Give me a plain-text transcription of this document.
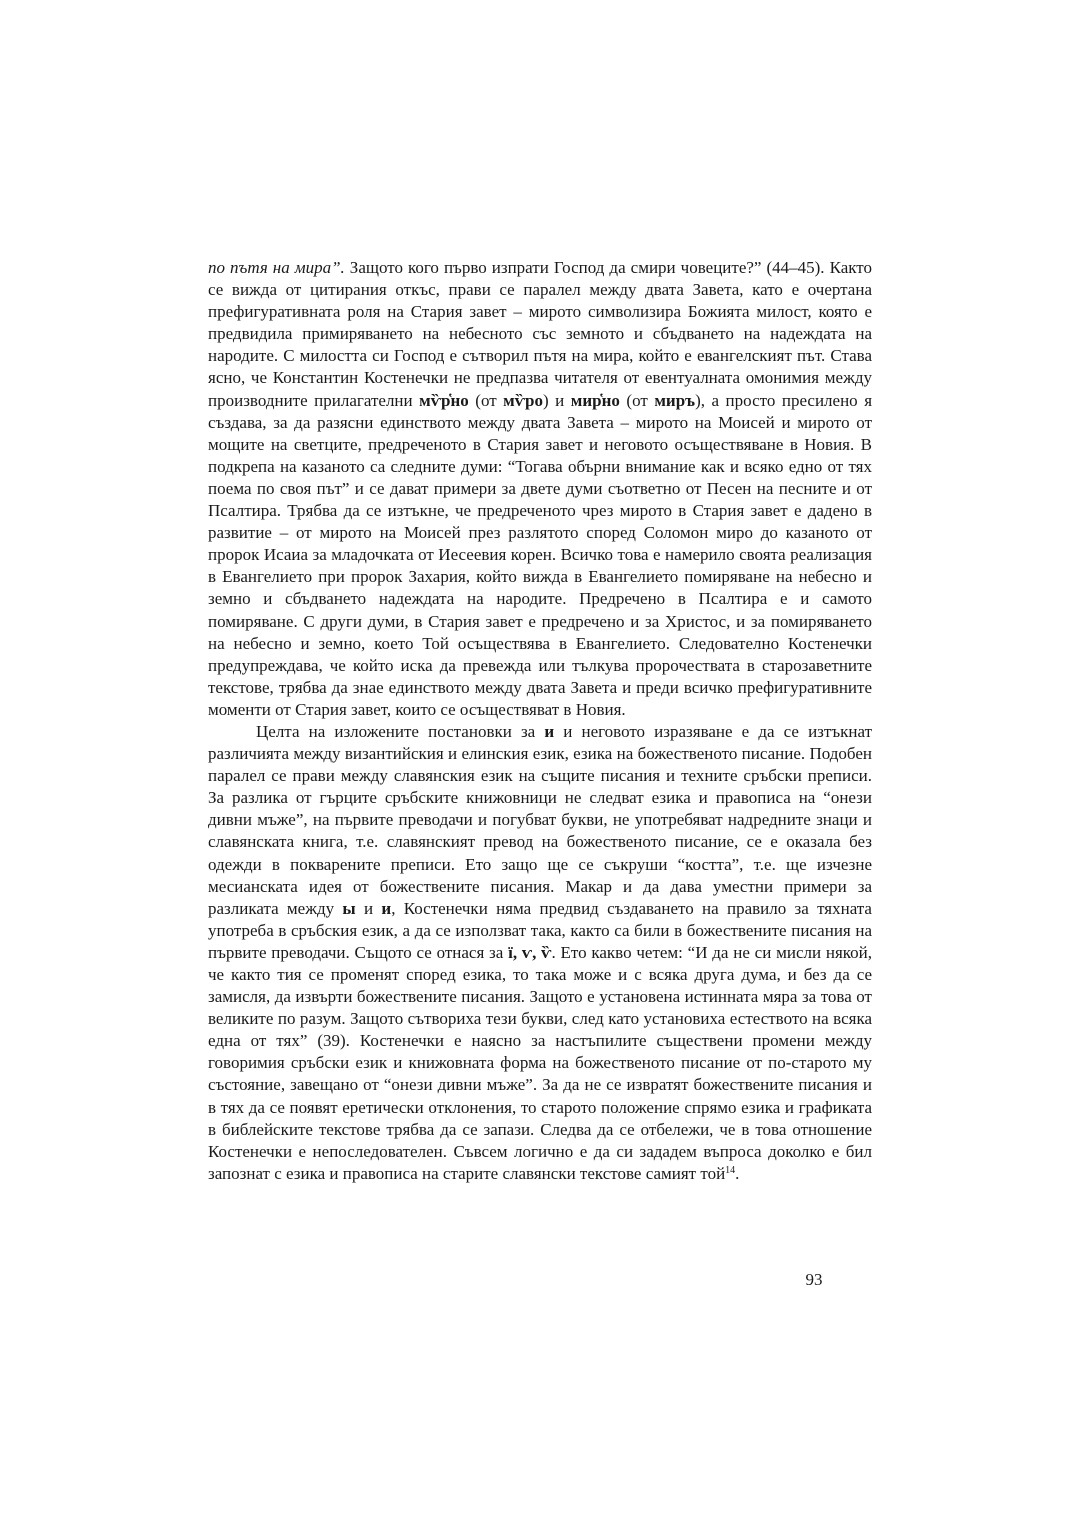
по пътя на мира”. Защото кого първо изпрати Господ да смири човеците?” (44–45). Както се вижда от цитирания откъс, прави се паралел между двата Завета, като е очертана префигуративната роля на Стария завет – мирото символизира Божията милост, която е предвидила примиряването на небесното със земното и сбъдването на надеждата на народите. С милостта си Господ е сътворил пътя на мира, който е евангелският път. Става ясно, че Константин Костенечки не предпазва читателя от евентуалната омонимия между производните прилагателни мѷр҅но (от мѷро) и мир҅но (от миръ), а просто пресилено я създава, за да разясни единството между двата Завета – мирото на Моисей и мирото от мощите на светците, предреченото в Стария завет и неговото осъществяване в Новия. В подкрепа на казаното са следните думи: “Тогава обърни внимание как и всяко едно от тях поема по своя път” и се дават примери за двете думи съответно от Песен на песните и от Псалтира. Трябва да се изтъкне, че предреченото чрез мирото в Стария завет е дадено в развитие – от мирото на Моисей през разлятото според Соломон миро до казаното от пророк Исаиа за младочката от Иесеевия корен. Всичко това е намерило своята реализация в Евангелието при пророк Захария, който вижда в Евангелието помиряване на небесно и земно и сбъдването надеждата на народите. Предречено в Псалтира е и самото помиряване. С други думи, в Стария завет е предречено и за Христос, и за помиряването на небесно и земно, което Той осъществява в Евангелието. Следователно Костенечки предупреждава, че който иска да превежда или тълкува пророчествата в старозаветните текстове, трябва да знае единството между двата Завета и преди всичко префигуративните моменти от Стария завет, които се осъществяват в Новия.

Целта на изложените постановки за и и неговото изразяване е да се изтъкнат различията между византийския и елинския език, езика на божественото писание. Подобен паралел се прави между славянския език на същите писания и техните сръбски преписи. За разлика от гърците сръбските книжовници не следват езика и правописа на “онези дивни мъже”, на първите преводачи и погубват букви, не употребяват надредните знаци и славянската книга, т.е. славянският превод на божественото писание, се е оказала без одежди в покварените преписи. Ето защо ще се съкруши “костта”, т.е. ще изчезне месианската идея от божествените писания. Макар и да дава уместни примери за разликата между ы и и, Костенечки няма предвид създаването на правило за тяхната употреба в сръбския език, а да се използват така, както са били в божествените писания на първите преводачи. Същото се отнася за ї, ѵ, ѷ. Ето какво четем: “И да не си мисли някой, че както тия се променят според езика, то така може и с всяка друга дума, и без да се замисля, да извърти божествените писания. Защото е установена истинната мяра за това от великите по разум. Защото сътвориха тези букви, след като установиха естеството на всяка една от тях” (39). Костенечки е наясно за настъпилите съществени промени между говоримия сръбски език и книжовната форма на божественото писание от по-старото му състояние, завещано от “онези дивни мъже”. За да не се извратят божествените писания и в тях да се появят еретически отклонения, то старото положение спрямо езика и графиката в библейските текстове трябва да се запази. Следва да се отбележи, че в това отношение Костенечки е непоследователен. Съвсем логично е да си зададем въпроса доколко е бил запознат с езика и правописа на старите славянски текстове самият той$^{14}$.

93
